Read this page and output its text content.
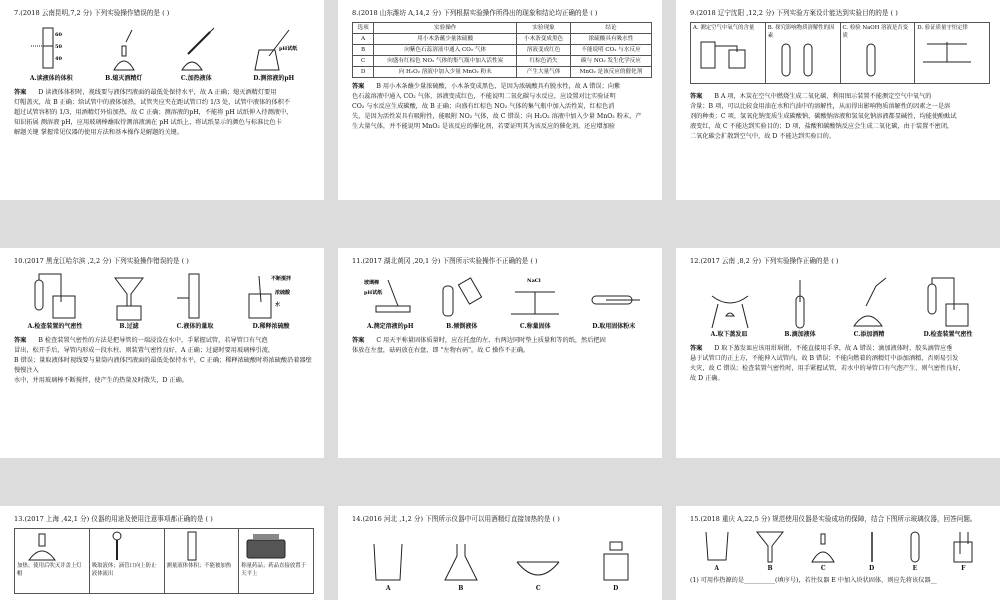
7.(2018 云南昆明,7,2 分) 下列实验操作错误的是 ( )
60
50
40
A.读液体的体积	B.熄灭酒精灯	C.加热液体
pH试纸
D.测溶液的pH
答案 D 读液体体积时，视线要与液体凹液面的最低处保持水平，故 A 正确；熄灭酒精灯要用

灯帽盖灭，故 B 正确；给试管中的液体加热，试管夹应夹在距试管口约 1/3 处，试管中液体的体积不

超过试管容积的 1/3，用酒精灯外焰加热，故 C 正确；测溶液的pH，不能将 pH 试纸伸入待测液中，

知识拓展 测溶液 pH，应用玻璃棒蘸取待测溶液滴在 pH 试纸上，将试纸显示的颜色与标准比色卡

解题关键 掌握常见仪器的使用方法和基本操作是解题的关键。

8.(2018 山东潍坊 A,14,2 分) 下列根据实验操作所得出的现象和结论均正确的是 ( )
选项	实验操作	实验现象	结论
A	用小木条蘸少量浓硫酸	小木条变成黑色	浓硫酸具有吸水性
B	向紫色石蕊溶液中通入 CO₂ 气体	溶液变成红色	不能说明 CO₂ 与水反应
C	向盛有红棕色 NO₂ 气体的集气瓶中加入活性炭	红棕色消失	碳与 NO₂ 发生化学反应
D	向 H₂O₂ 溶液中加入少量 MnO₂ 粉末	产生大量气体	MnO₂ 是该反应的催化剂
答案 B 用小木条蘸少量浓硫酸，小木条变成黑色，是因为浓硫酸具有脱水性，故 A 错误；向紫

色石蕊溶液中通入 CO₂ 气体，溶液变成红色，不能说明二氧化碳与水反应，应设置对比实验证明

CO₂ 与水反应生成碳酸，故 B 正确；向盛有红棕色 NO₂ 气体的集气瓶中加入活性炭，红棕色消

失，是因为活性炭具有吸附性，能吸附 NO₂ 气体，故 C 错误；向 H₂O₂ 溶液中加入少量 MnO₂ 粉末，产

生大量气体，并不能说明 MnO₂ 是该反应的催化剂，若要证明其为该反应的催化剂，还应增加验

9.(2018 辽宁沈阳 ,12,2 分) 下列实验方案设计能达到实验目的的是 ( )
A. 测定空气中氧气的含量	B. 探究影响物质溶解性的因素
C. 检验 NaOH 溶液是否变质
D. 验证质量守恒定律
答案 B A 项，木炭在空气中燃烧生成二氧化碳，利用图示装置不能测定空气中氧气的

含量；B 项，可以比较食用油在水和汽油中的溶解性，从而得出影响物质溶解性的因素之一是溶

剂的种类；C 项，氢氧化钠变质生成碳酸钠，碳酸钠溶液和氢氧化钠溶液都显碱性，均能使酚酞试

液变红，故 C 不能达到实验目的；D 项，盐酸和碳酸钠反应会生成二氧化碳，由于装置不密闭，

二氧化碳会扩散到空气中，故 D 不能达到实验目的。

10.(2017 黑龙江哈尔滨 ,2,2 分) 下列实验操作错误的是 ( )
A.检查装置的气密性	B.过滤	C.液体的量取
不断搅拌
浓硫酸
水
D.稀释浓硫酸
答案 B 检查装置气密性的方法是把导管的一端浸没在水中，手紧握试管，若导管口有气泡

冒出，松开手后，导管内形成一段水柱，则装置气密性良好，A 正确；过滤时要用玻璃棒引流，

B 错误；量取液体时视线要与量筒内液体凹液面的最低处保持水平，C 正确；稀释浓硫酸时将浓硫酸沿着器壁慢慢注入

水中，并用玻璃棒不断搅拌，使产生的热量及时散失，D 正确。

11.(2017 湖北黄冈 ,20,1 分) 下图所示实验操作不正确的是 ( )
玻璃棒
pH试纸
A.测定溶液的pH	B.倾倒液体
NaCl
C.称量固体	D.取用固体粉末
答案 C 用天平称量固体质量时，应在托盘的左、右两边同时垫上质量和等的纸，然后把固

体放在左盘，砝码放在右盘，即 "左物右码"，故 C 操作不正确。

12.(2017 云南 ,8,2 分) 下列实验操作正确的是 ( )
A.取下蒸发皿	B.滴加液体	C.添加酒精	D.检查装置气密性
答案 D 取下蒸发皿应该用坩埚钳，不能直接用手拿，故 A 错误；滴加液体时，胶头滴管应垂

悬于试管口的正上方，不能伸入试管内，故 B 错误；不能向燃着的酒精灯中添加酒精，否则易引发

火灾，故 C 错误；检查装置气密性时，用手紧握试管，若水中的导管口有气泡产生，则气密性良好，

故 D 正确。

13.(2017 上海 ,42,1 分) 仪器的用途及使用注意事项都正确的是 ( )
加热；使用后吹灭并盖上灯帽
吸取液体；滴管口向上防止液体流出
测量液体体积；不能被加热	称量药品；药品直接放置于天平上
14.(2016 河北 ,1,2 分) 下图所示仪器中可以用酒精灯直接加热的是 ( )
A	B	C	D
15.(2018 重庆 A,22,5 分) 规范使用仪器是实验成功的保障，结合下图所示玻璃仪器，回答问题。
A	B	C	D	E	F

(1) 可用作热源的是__________(填序号)，若往仪器 E 中加入块状固体，则应先将该仪器__
